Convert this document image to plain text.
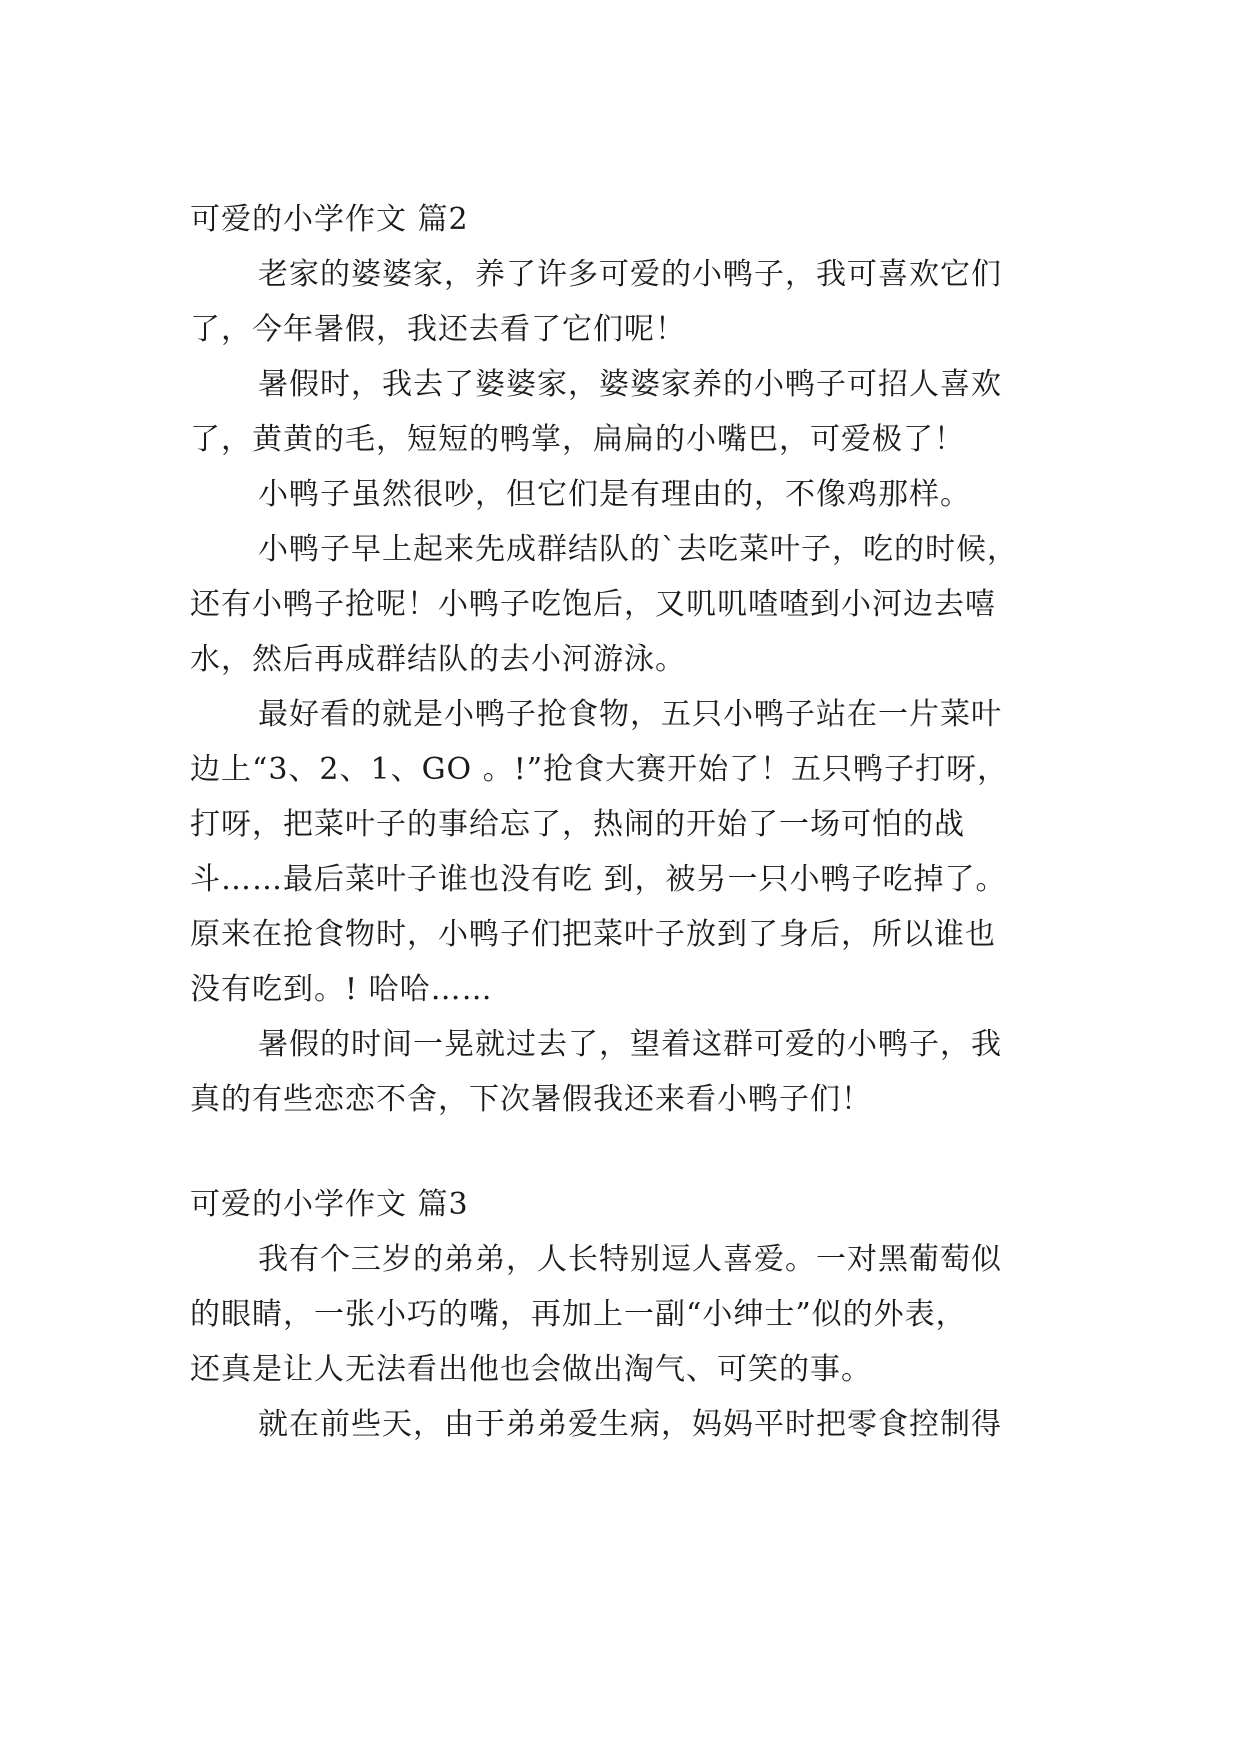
可爱的小学作文 篇2
老家的婆婆家，养了许多可爱的小鸭子，我可喜欢它们
了，今年暑假，我还去看了它们呢！
暑假时，我去了婆婆家，婆婆家养的小鸭子可招人喜欢
了，黄黄的毛，短短的鸭掌，扁扁的小嘴巴，可爱极了！
小鸭子虽然很吵，但它们是有理由的，不像鸡那样。
小鸭子早上起来先成群结队的`去吃菜叶子，吃的时候，
还有小鸭子抢呢！小鸭子吃饱后，又叽叽喳喳到小河边去嘻
水，然后再成群结队的去小河游泳。
最好看的就是小鸭子抢食物，五只小鸭子站在一片菜叶
边上“3、2、1、GO 。!”抢食大赛开始了！五只鸭子打呀，
打呀，把菜叶子的事给忘了，热闹的开始了一场可怕的战
斗……最后菜叶子谁也没有吃 到，被另一只小鸭子吃掉了。
原来在抢食物时，小鸭子们把菜叶子放到了身后，所以谁也
没有吃到。! 哈哈……
暑假的时间一晃就过去了，望着这群可爱的小鸭子，我
真的有些恋恋不舍，下次暑假我还来看小鸭子们！
可爱的小学作文 篇3
我有个三岁的弟弟，人长特别逗人喜爱。一对黑葡萄似
的眼睛，一张小巧的嘴，再加上一副“小绅士”似的外表，
还真是让人无法看出他也会做出淘气、可笑的事。
就在前些天，由于弟弟爱生病，妈妈平时把零食控制得
